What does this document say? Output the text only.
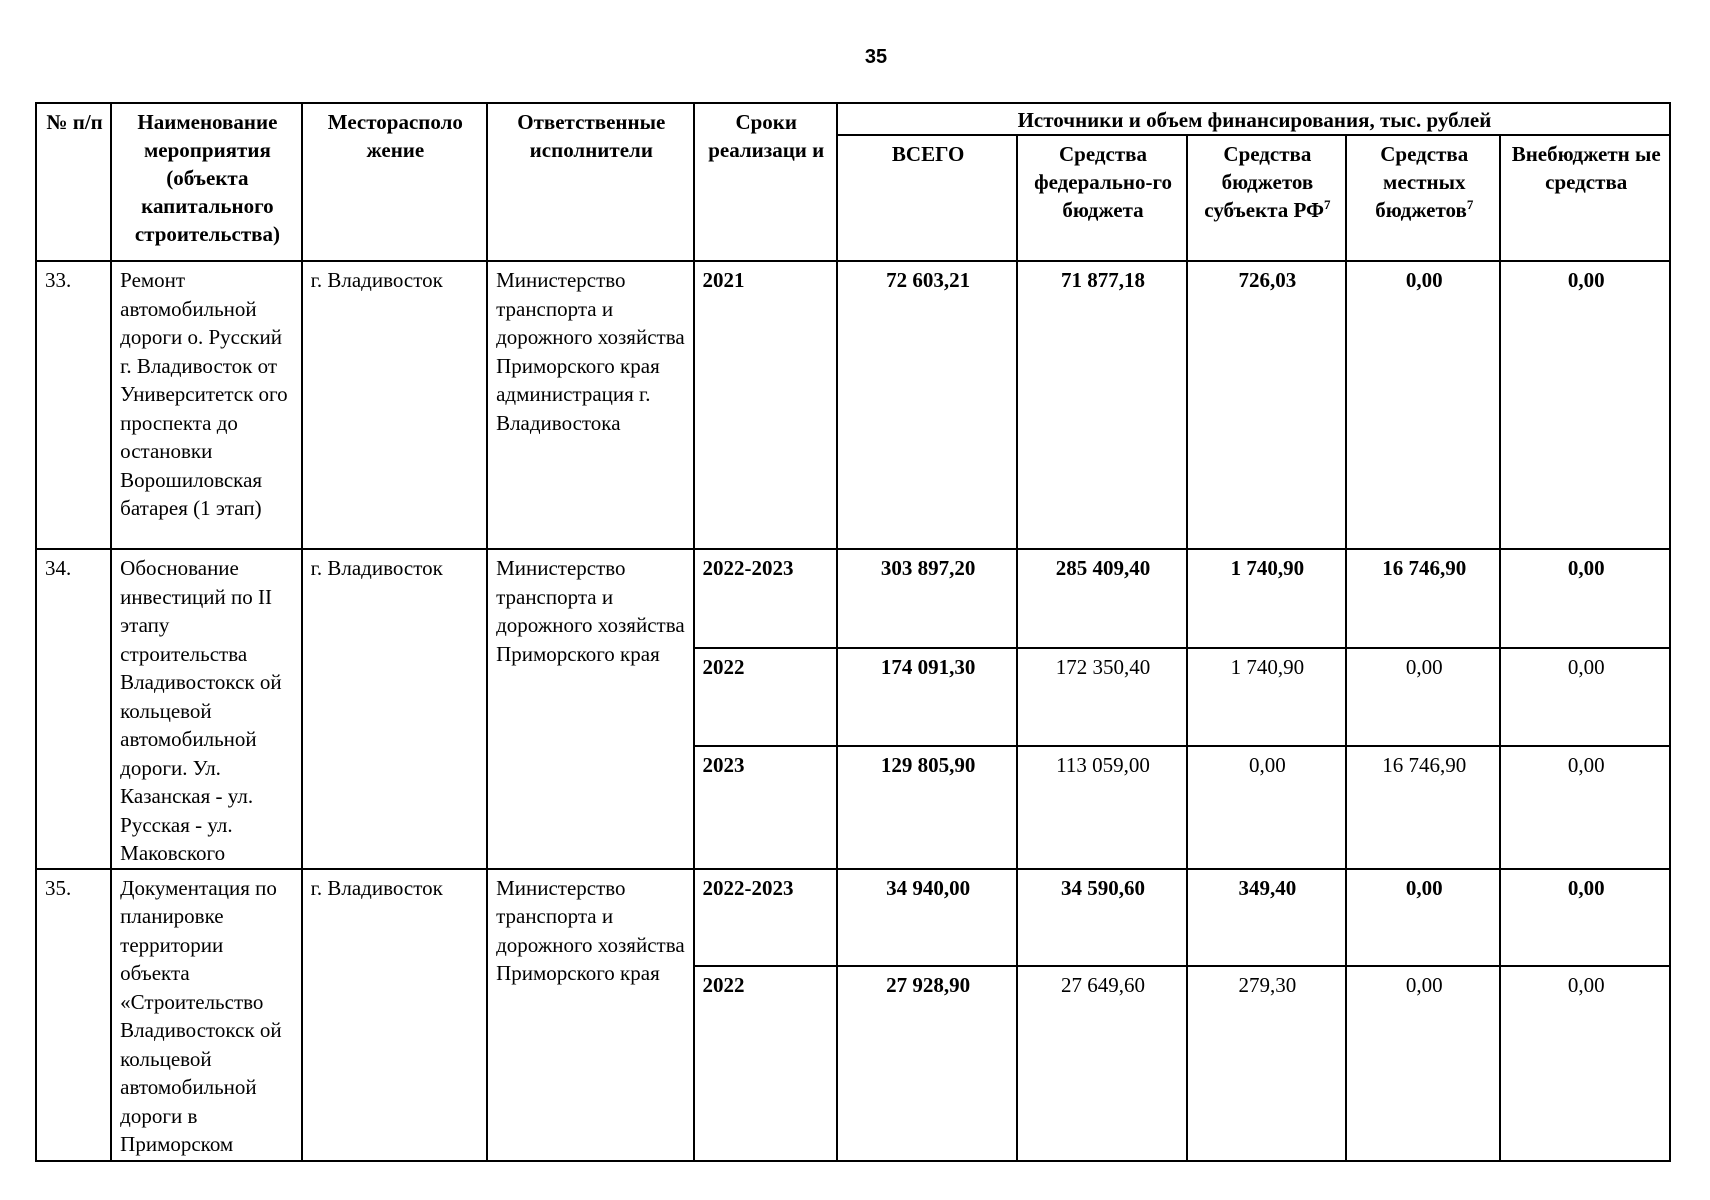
35
№ п/п	Наименование мероприятия (объекта капитального строительства)	Месторасполо жение	Ответственные исполнители	Сроки реализаци и	Источники и объем финансирования, тыс. рублей				
					ВСЕГО	Средства федерально-го бюджета	Средства бюджетов субъекта $РФ^7$	Средства местных бюджетов$^7$	Внебюджетн ые средства
33.	Ремонт автомобильной дороги о. Русский г. Владивосток от Университетск ого проспекта до остановки Ворошиловская батарея (1 этап)	г. Владивосток	Министерство транспорта и дорожного хозяйства Приморского края администрация г. Владивостока	2021	72 603,21	71 877,18	726,03	0,00	0,00
34.	Обоснование инвестиций по II этапу строительства Владивостокск ой кольцевой автомобильной дороги. Ул. Казанская - ул. Русская - ул. Маковского	г. Владивосток	Министерство транспорта и дорожного хозяйства Приморского края	2022-2023	303 897,20	285 409,40	1 740,90	16 746,90	0,00
				2022	174 091,30	172 350,40	1 740,90	0,00	0,00
				2023	129 805,90	113 059,00	0,00	16 746,90	0,00
35.	Документация по планировке территории объекта «Строительство Владивостокск ой кольцевой автомобильной дороги в Приморском	г. Владивосток	Министерство транспорта и дорожного хозяйства Приморского края	2022-2023	34 940,00	34 590,60	349,40	0,00	0,00
				2022	27 928,90	27 649,60	279,30	0,00	0,00
